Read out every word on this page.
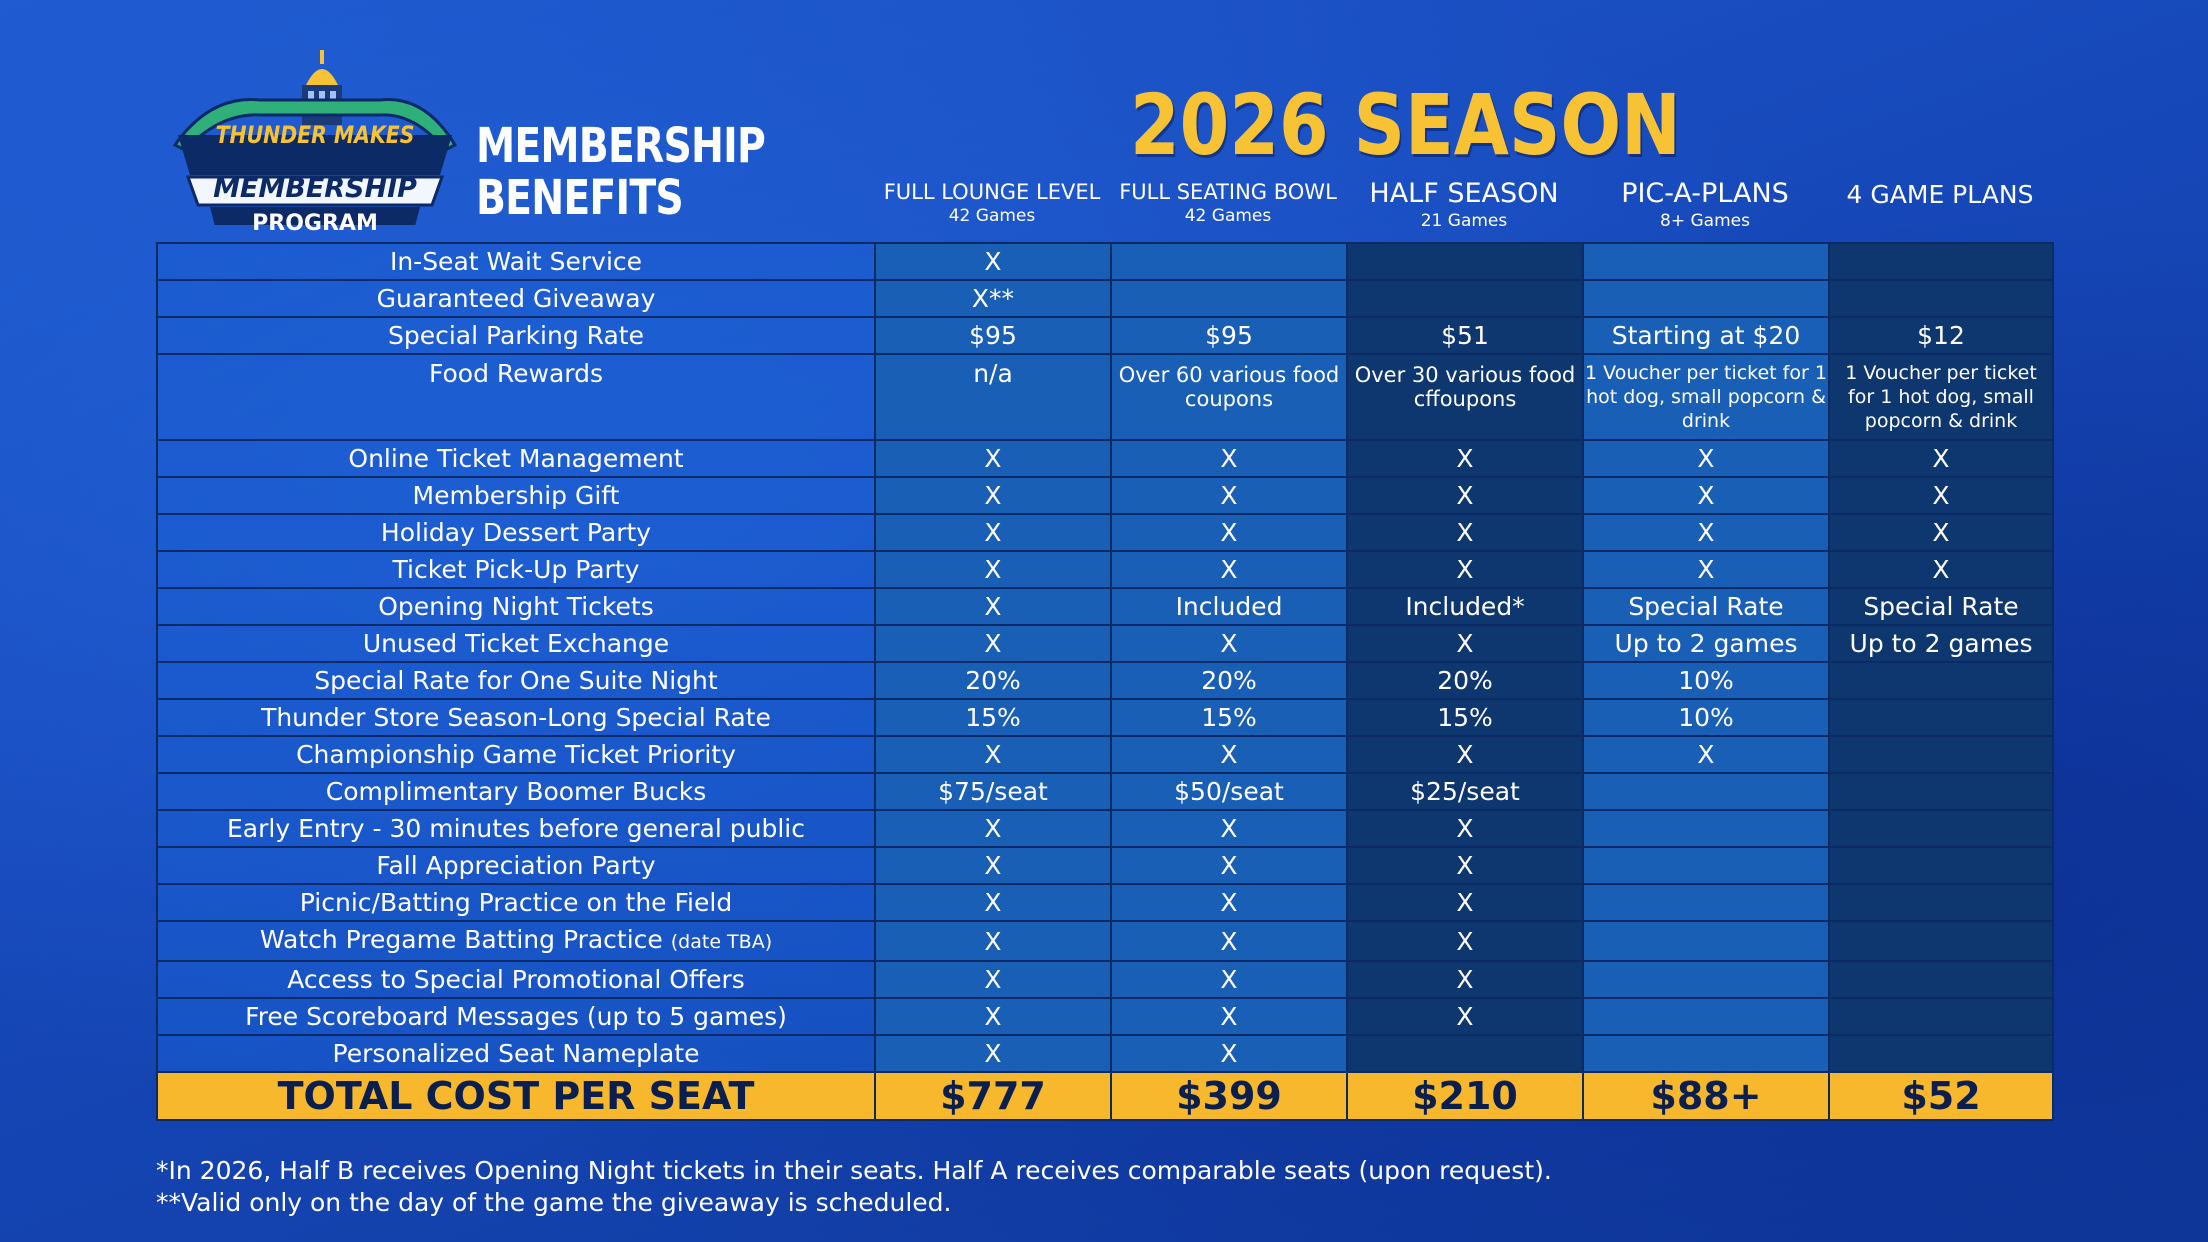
THUNDER MAKES
MEMBERSHIP
PROGRAM
MEMBERSHIP
BENEFITS
2026 SEASON
FULL LOUNGE LEVEL
42 Games
FULL SEATING BOWL
42 Games
HALF SEASON
21 Games
PIC-A-PLANS
8+ Games
4 GAME PLANS
In-Seat Wait Service	X				
Guaranteed Giveaway	X**				
Special Parking Rate	$95	$95	$51	Starting at $20	$12
Food Rewards	n/a	Over 60 various food coupons	Over 30 various food cffoupons	1 Voucher per ticket for 1 hot dog, small popcorn & drink	1 Voucher per ticket for 1 hot dog, small popcorn & drink
Online Ticket Management	X	X	X	X	X
Membership Gift	X	X	X	X	X
Holiday Dessert Party	X	X	X	X	X
Ticket Pick-Up Party	X	X	X	X	X
Opening Night Tickets	X	Included	Included*	Special Rate	Special Rate
Unused Ticket Exchange	X	X	X	Up to 2 games	Up to 2 games
Special Rate for One Suite Night	20%	20%	20%	10%	
Thunder Store Season-Long Special Rate	15%	15%	15%	10%	
Championship Game Ticket Priority	X	X	X	X	
Complimentary Boomer Bucks	$75/seat	$50/seat	$25/seat		
Early Entry - 30 minutes before general public	X	X	X		
Fall Appreciation Party	X	X	X		
Picnic/Batting Practice on the Field	X	X	X		
Watch Pregame Batting Practice (date TBA)	X	X	X		
Access to Special Promotional Offers	X	X	X		
Free Scoreboard Messages (up to 5 games)	X	X	X		
Personalized Seat Nameplate	X	X			
TOTAL COST PER SEAT	$777	$399	$210	$88+	$52
*In 2026, Half B receives Opening Night tickets in their seats. Half A receives comparable seats (upon request).
**Valid only on the day of the game the giveaway is scheduled.
